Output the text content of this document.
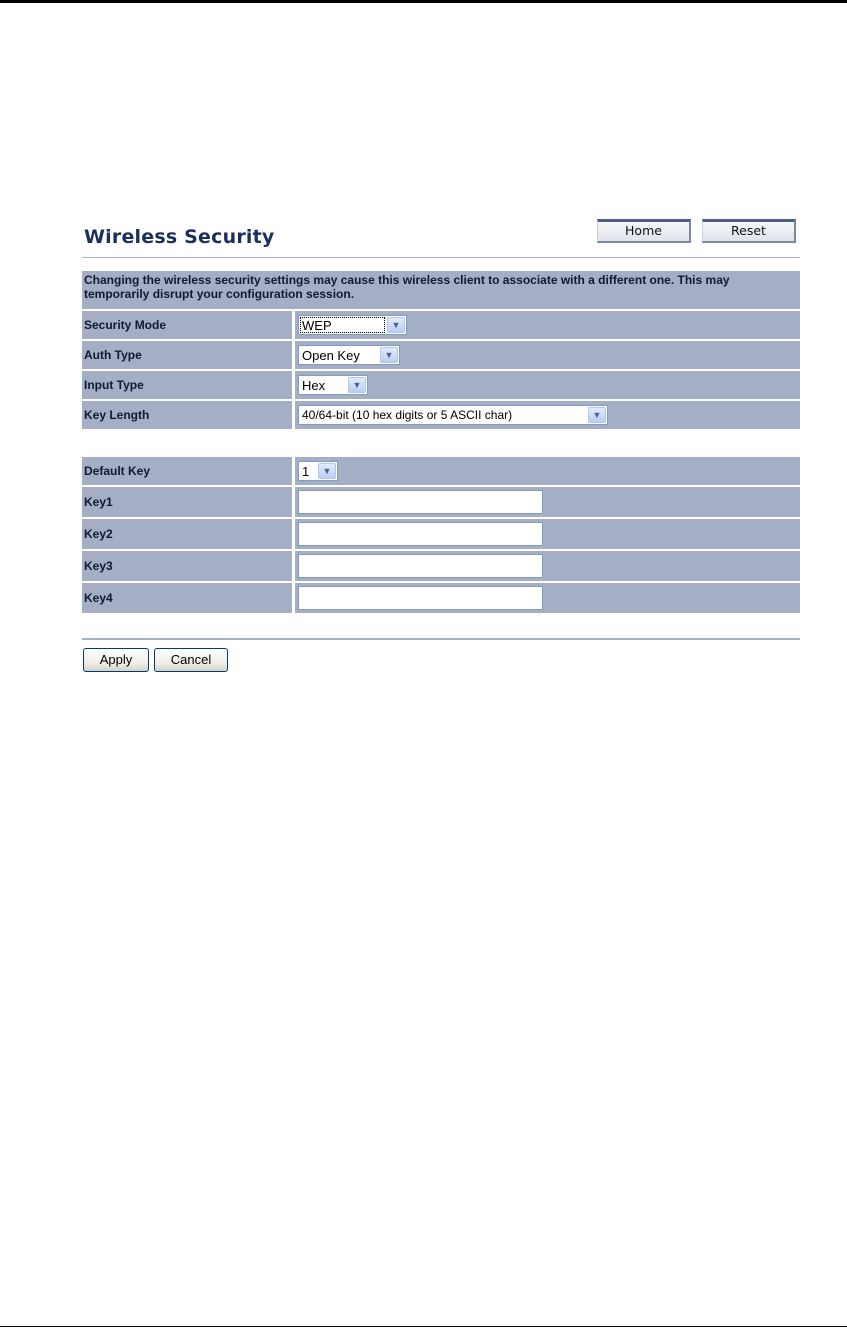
Wireless Security	Home	Reset
Changing the wireless security settings may cause this wireless client to associate with a different one. This may temporarily disrupt your configuration session.
Security Mode	WEP	▼
Auth Type	Open Key	▼
Input Type	Hex	▼
Key Length	40/64-bit (10 hex digits or 5 ASCII char)	▼
Default Key	1	▼
Key1
Key2
Key3
Key4
Apply	Cancel
